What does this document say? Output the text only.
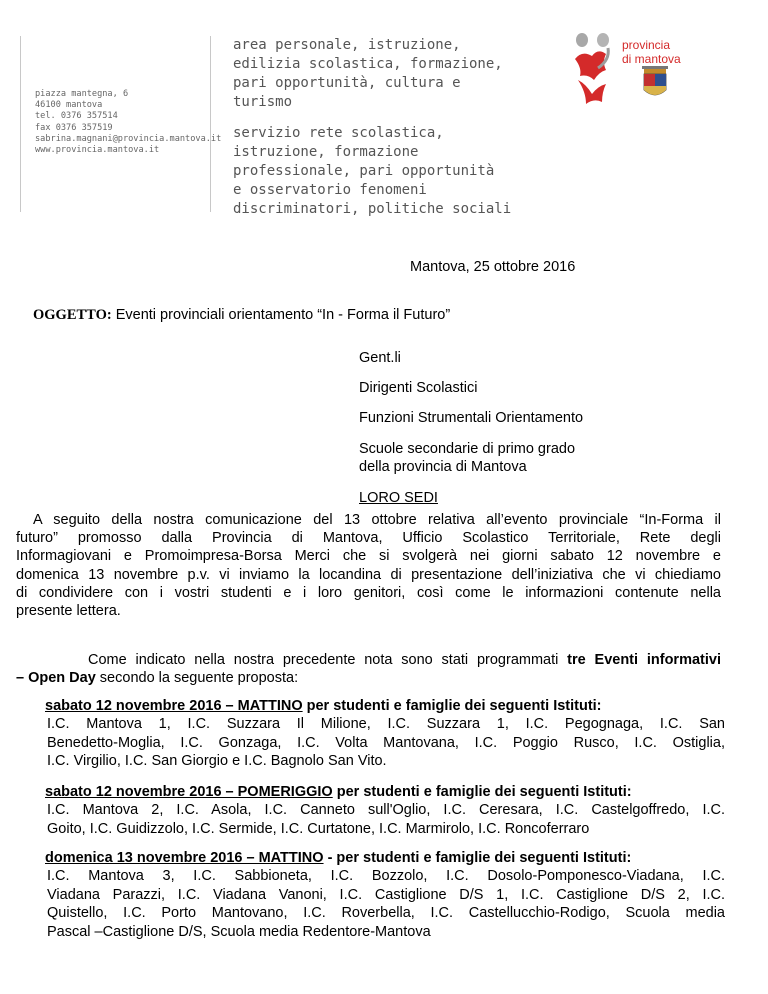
piazza mantegna, 6
46100 mantova
tel. 0376 357514
fax 0376 357519
sabrina.magnani@provincia.mantova.it
www.provincia.mantova.it
area personale, istruzione,
edilizia scolastica, formazione,
pari opportunità, cultura e
turismo
servizio rete scolastica,
istruzione, formazione
professionale, pari opportunità
e osservatorio fenomeni
discriminatori, politiche sociali
provincia
di mantova
Mantova, 25 ottobre 2016
OGGETTO: Eventi provinciali orientamento “In - Forma il Futuro”
Gent.li
Dirigenti Scolastici
Funzioni Strumentali Orientamento
Scuole secondarie di primo grado
della provincia di Mantova
LORO SEDI
A seguito della nostra comunicazione del 13 ottobre relativa all’evento provinciale “In-Forma il
futuro” promosso dalla Provincia di Mantova, Ufficio Scolastico Territoriale, Rete degli
Informagiovani e Promoimpresa-Borsa Merci che si svolgerà nei giorni sabato 12 novembre e
domenica 13 novembre p.v. vi inviamo la locandina di presentazione dell’iniziativa che vi chiediamo
di condividere con i vostri studenti e i loro genitori, così come le informazioni contenute nella
presente lettera.
Come indicato nella nostra precedente nota sono stati programmati tre Eventi informativi
– Open Day secondo la seguente proposta:
sabato 12 novembre 2016 – MATTINO per studenti e famiglie dei seguenti Istituti:
I.C. Mantova 1, I.C. Suzzara Il Milione, I.C. Suzzara 1, I.C. Pegognaga, I.C. San
Benedetto-Moglia, I.C. Gonzaga, I.C. Volta Mantovana, I.C. Poggio Rusco, I.C. Ostiglia,
I.C. Virgilio, I.C. San Giorgio e I.C. Bagnolo San Vito.
sabato 12 novembre 2016 – POMERIGGIO per studenti e famiglie dei seguenti Istituti:
I.C. Mantova 2, I.C. Asola, I.C. Canneto sull'Oglio, I.C. Ceresara, I.C. Castelgoffredo, I.C.
Goito, I.C. Guidizzolo, I.C. Sermide, I.C. Curtatone, I.C. Marmirolo, I.C. Roncoferraro
domenica 13 novembre 2016 – MATTINO - per studenti e famiglie dei seguenti Istituti:
I.C. Mantova 3, I.C. Sabbioneta, I.C. Bozzolo, I.C. Dosolo-Pomponesco-Viadana, I.C.
Viadana Parazzi, I.C. Viadana Vanoni, I.C. Castiglione D/S 1, I.C. Castiglione D/S 2, I.C.
Quistello, I.C. Porto Mantovano, I.C. Roverbella, I.C. Castellucchio-Rodigo, Scuola media
Pascal –Castiglione D/S, Scuola media Redentore-Mantova
